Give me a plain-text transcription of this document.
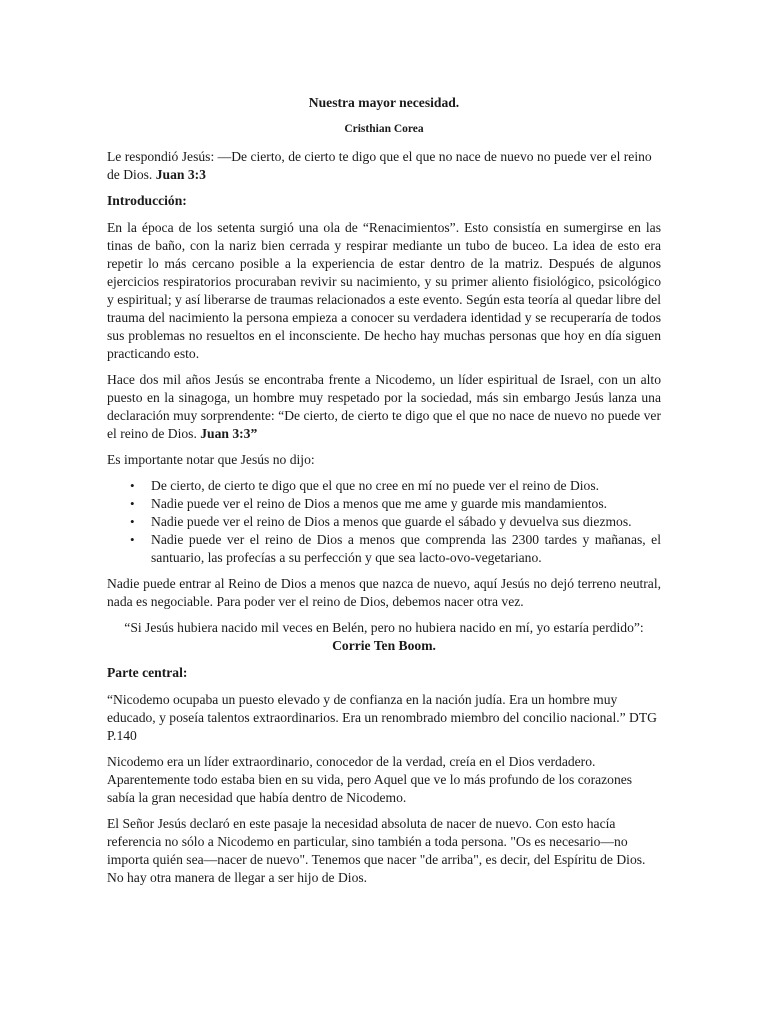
Nuestra mayor necesidad.
Cristhian Corea

Le respondió Jesús: —De cierto, de cierto te digo que el que no nace de nuevo no puede ver el reino de Dios. Juan 3:3

Introducción:

En la época de los setenta surgió una ola de “Renacimientos”. Esto consistía en sumergirse en las tinas de baño, con la nariz bien cerrada y respirar mediante un tubo de buceo. La idea de esto era repetir lo más cercano posible a la experiencia de estar dentro de la matriz. Después de algunos ejercicios respiratorios procuraban revivir su nacimiento, y su primer aliento fisiológico, psicológico y espiritual; y así liberarse de traumas relacionados a este evento. Según esta teoría al quedar libre del trauma del nacimiento la persona empieza a conocer su verdadera identidad y se recuperaría de todos sus problemas no resueltos en el inconsciente. De hecho hay muchas personas que hoy en día siguen practicando esto.

Hace dos mil años Jesús se encontraba frente a Nicodemo, un líder espiritual de Israel, con un alto puesto en la sinagoga, un hombre muy respetado por la sociedad, más sin embargo Jesús lanza una declaración muy sorprendente: “De cierto, de cierto te digo que el que no nace de nuevo no puede ver el reino de Dios. Juan 3:3”

Es importante notar que Jesús no dijo:

• De cierto, de cierto te digo que el que no cree en mí no puede ver el reino de Dios.
• Nadie puede ver el reino de Dios a menos que me ame y guarde mis mandamientos.
• Nadie puede ver el reino de Dios a menos que guarde el sábado y devuelva sus diezmos.
• Nadie puede ver el reino de Dios a menos que comprenda las 2300 tardes y mañanas, el santuario, las profecías a su perfección y que sea lacto-ovo-vegetariano.

Nadie puede entrar al Reino de Dios a menos que nazca de nuevo, aquí Jesús no dejó terreno neutral, nada es negociable. Para poder ver el reino de Dios, debemos nacer otra vez.

“Si Jesús hubiera nacido mil veces en Belén, pero no hubiera nacido en mí, yo estaría perdido”:
Corrie Ten Boom.
Parte central:

“Nicodemo ocupaba un puesto elevado y de confianza en la nación judía. Era un hombre muy educado, y poseía talentos extraordinarios. Era un renombrado miembro del concilio nacional.” DTG P.140

Nicodemo era un líder extraordinario, conocedor de la verdad, creía en el Dios verdadero. Aparentemente todo estaba bien en su vida, pero Aquel que ve lo más profundo de los corazones sabía la gran necesidad que había dentro de Nicodemo.

El Señor Jesús declaró en este pasaje la necesidad absoluta de nacer de nuevo. Con esto hacía referencia no sólo a Nicodemo en particular, sino también a toda persona. "Os es necesario—no importa quién sea—nacer de nuevo". Tenemos que nacer "de arriba", es decir, del Espíritu de Dios. No hay otra manera de llegar a ser hijo de Dios.
